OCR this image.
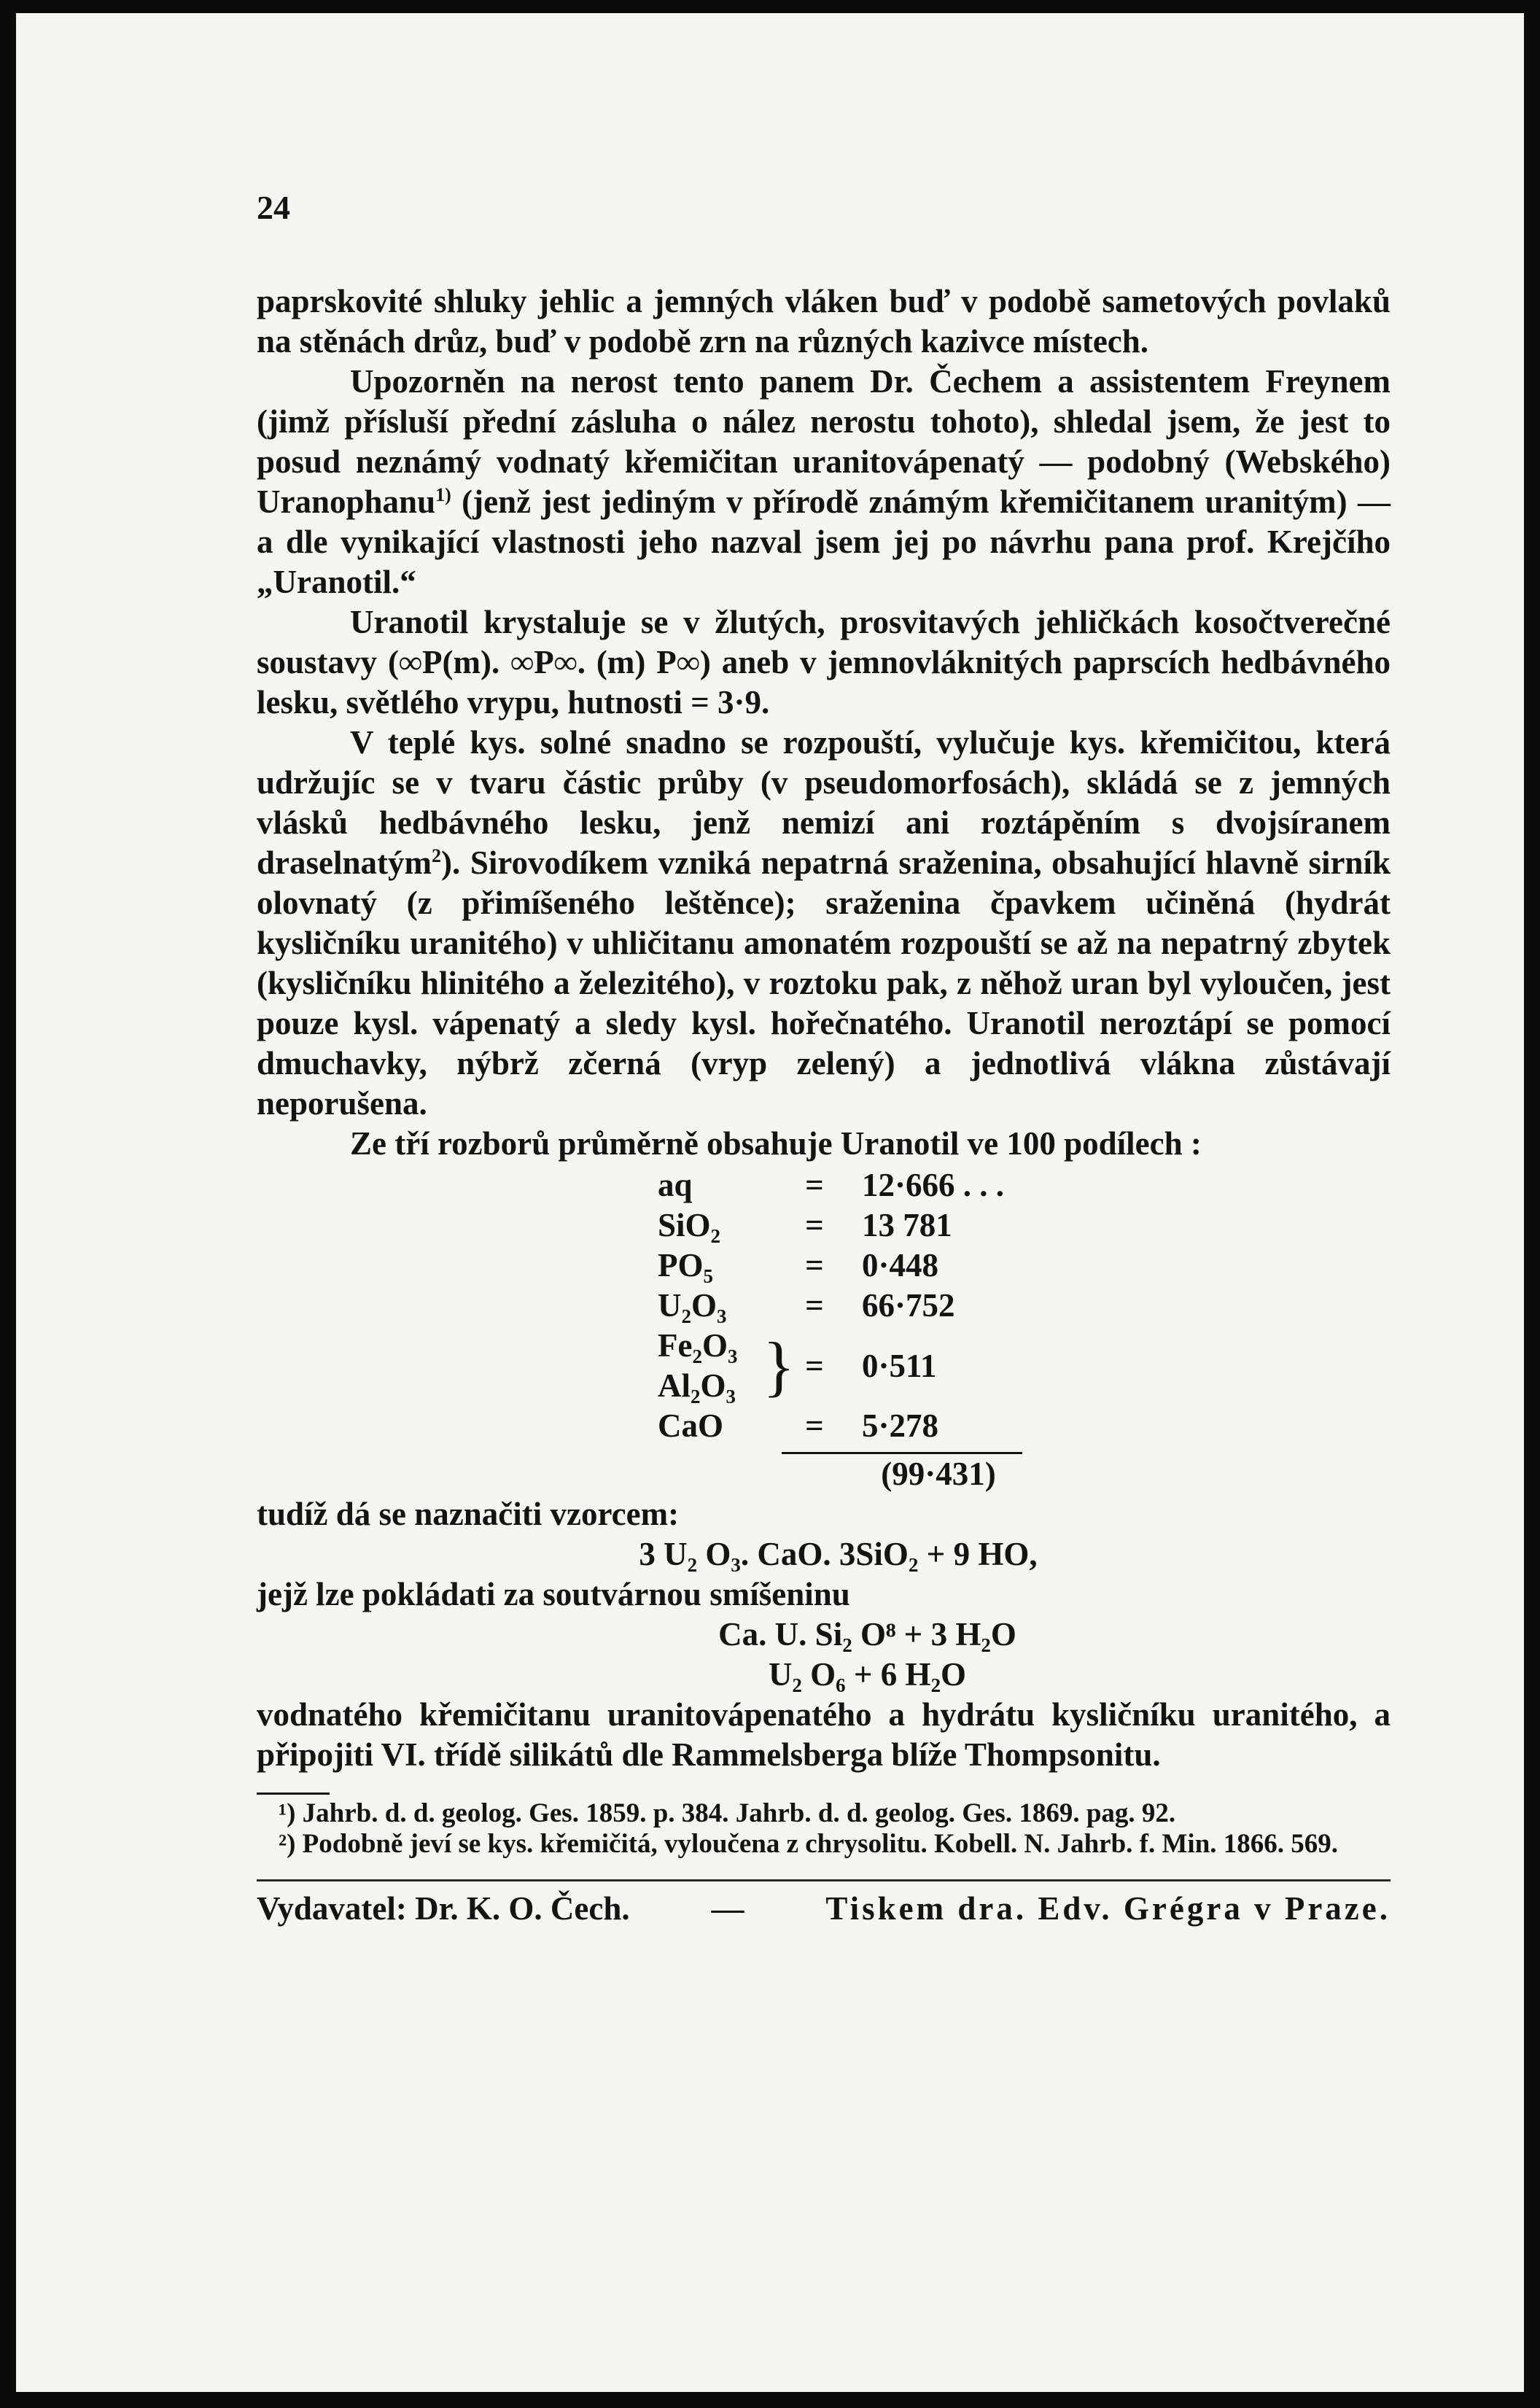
24

paprskovité shluky jehlic a jemných vláken buď v podobě sametových povlaků na stěnách drůz, buď v podobě zrn na různých kazivce místech.

Upozorněn na nerost tento panem Dr. Čechem a assistentem Freynem (jimž přísluší přední zásluha o nález nerostu tohoto), shledal jsem, že jest to posud neznámý vodnatý křemičitan uranitovápenatý — podobný (Webského) Uranophanu$^{1)}$ (jenž jest jediným v přírodě známým křemičitanem uranitým) — a dle vynikající vlastnosti jeho nazval jsem jej po návrhu pana prof. Krejčího „Uranotil.“

Uranotil krystaluje se v žlutých, prosvitavých jehličkách kosočtverečné soustavy (∞P(m). ∞P∞. (m) P∞) aneb v jemnovláknitých paprscích hedbávného lesku, světlého vrypu, hutnosti = 3·9.

V teplé kys. solné snadno se rozpouští, vylučuje kys. křemičitou, která udržujíc se v tvaru částic průby (v pseudomorfosách), skládá se z jemných vlásků hedbávného lesku, jenž nemizí ani roztápěním s dvojsíranem draselnatým$^2$). Sirovodíkem vzniká nepatrná sraženina, obsahující hlavně sirník olovnatý (z přimíšeného leštěnce); sraženina čpavkem učiněná (hydrát kysličníku uranitého) v uhličitanu amonatém rozpouští se až na nepatrný zbytek (kysličníku hlinitého a železitého), v roztoku pak, z něhož uran byl vyloučen, jest pouze kysl. vápenatý a sledy kysl. hořečnatého. Uranotil neroztápí se pomocí dmuchavky, nýbrž zčerná (vryp zelený) a jednotlivá vlákna zůstávají neporušena.

Ze tří rozborů průměrně obsahuje Uranotil ve 100 podílech :

aq	=	12·666 . . .
SiO₂	=	13 781
PO₅	=	0·448
U₂O₃	=	66·752
Fe₂O₃
Al₂O₃ } =	0·511
CaO	=	5·278
(99·431)

tudíž dá se naznačiti vzorcem:

3 U₂ O₃. CaO. 3SiO₂ + 9 HO,

jejž lze pokládati za soutvárnou smíšeninu

Ca. U. Si₂ O⁸ + 3 H₂O
U₂ O₆ + 6 H₂O

vodnatého křemičitanu uranitovápenatého a hydrátu kysličníku uranitého, a připojiti VI. třídě silikátů dle Rammelsberga blíže Thompsonitu.

¹) Jahrb. d. d. geolog. Ges. 1859. p. 384. Jahrb. d. d. geolog. Ges. 1869. pag. 92.

²) Podobně jeví se kys. křemičitá, vyloučena z chrysolitu. Kobell. N. Jahrb. f. Min. 1866. 569.

Vydavatel: Dr. K. O. Čech. — Tiskem dra. Edv. Grégra v Praze.
